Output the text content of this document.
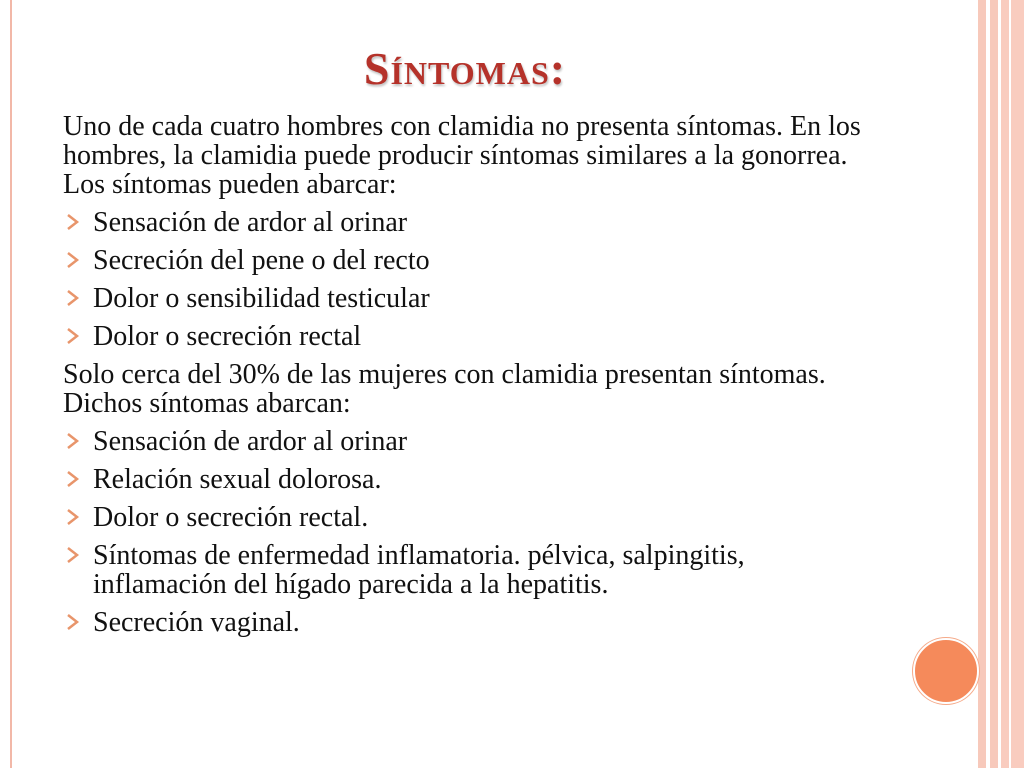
Síntomas:

Uno de cada cuatro hombres con clamidia no presenta síntomas. En los hombres, la clamidia puede producir síntomas similares a la gonorrea. Los síntomas pueden abarcar:

Sensación de ardor al orinar
Secreción del pene o del recto
Dolor o sensibilidad testicular
Dolor o secreción rectal

Solo cerca del 30% de las mujeres con clamidia presentan síntomas. Dichos síntomas abarcan:

Sensación de ardor al orinar
Relación sexual dolorosa.
Dolor o secreción rectal.
Síntomas de enfermedad inflamatoria. pélvica, salpingitis, inflamación del hígado parecida a la hepatitis.
Secreción vaginal.
